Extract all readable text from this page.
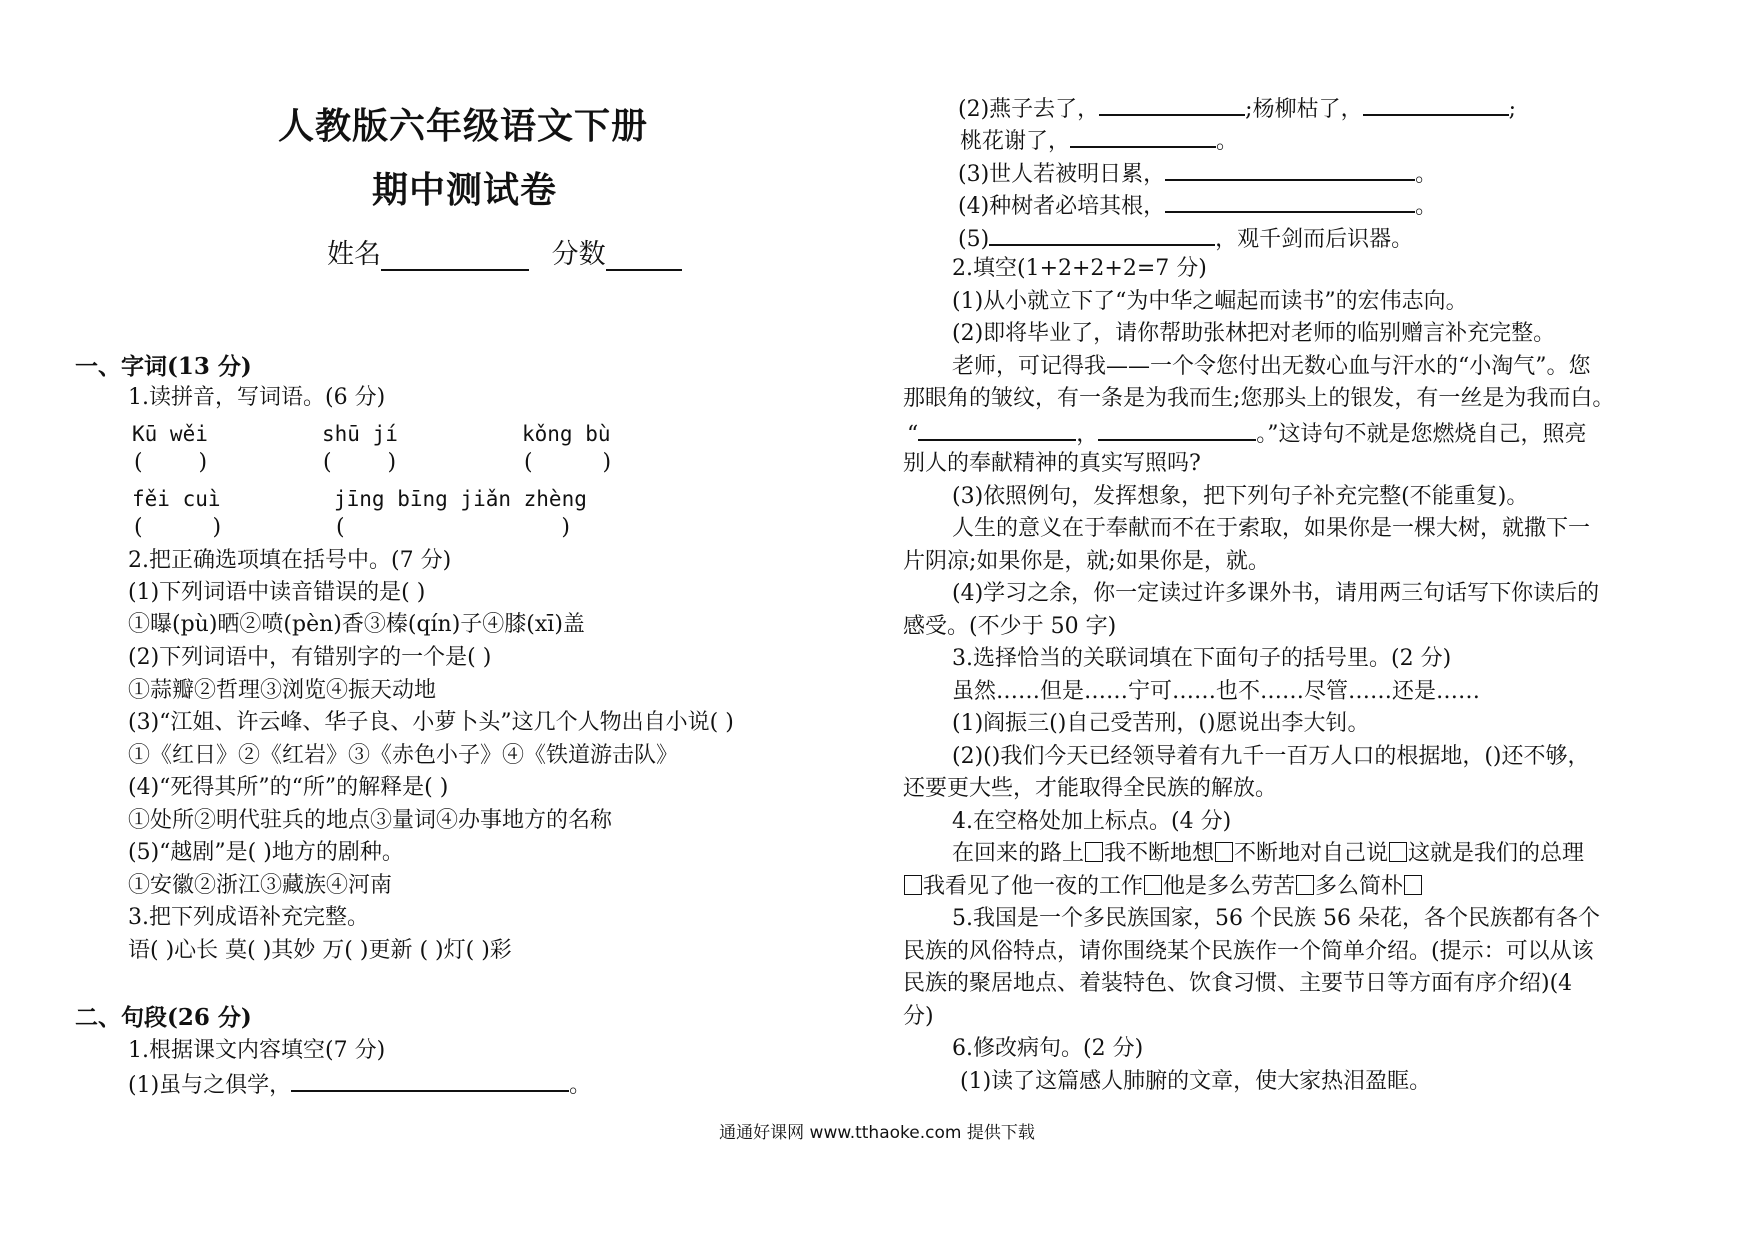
人教版六年级语文下册
期中测试卷
姓名	分数
一、字词(13 分)
1.读拼音，写词语。(6 分)
Kū wěi	shū jí	kǒng bù
(        )	(        )	(          )
fěi cuì	jīng bīng jiǎn zhèng
(          )	(                               )
2.把正确选项填在括号中。(7 分)
(1)下列词语中读音错误的是( )
①曝(pù)晒②喷(pèn)香③榛(qín)子④膝(xī)盖
(2)下列词语中，有错别字的一个是( )
①蒜瓣②哲理③浏览④振天动地
(3)“江姐、许云峰、华子良、小萝卜头”这几个人物出自小说( )
①《红日》②《红岩》③《赤色小子》④《铁道游击队》
(4)“死得其所”的“所”的解释是( )
①处所②明代驻兵的地点③量词④办事地方的名称
(5)“越剧”是( )地方的剧种。
①安徽②浙江③藏族④河南
3.把下列成语补充完整。
语( )心长 莫( )其妙 万( )更新 ( )灯( )彩
二、句段(26 分)
1.根据课文内容填空(7 分)
(1)虽与之俱学，	。
(2)燕子去了，	;杨柳枯了，	;
桃花谢了，	。
(3)世人若被明日累，	。
(4)种树者必培其根，	。
(5)	，观千剑而后识器。
2.填空(1+2+2+2=7 分)
(1)从小就立下了“为中华之崛起而读书”的宏伟志向。
(2)即将毕业了，请你帮助张林把对老师的临别赠言补充完整。
老师，可记得我——一个令您付出无数心血与汗水的“小淘气”。您
那眼角的皱纹，有一条是为我而生;您那头上的银发，有一丝是为我而白。
“	，	。”这诗句不就是您燃烧自己，照亮
别人的奉献精神的真实写照吗?
(3)依照例句，发挥想象，把下列句子补充完整(不能重复)。
人生的意义在于奉献而不在于索取，如果你是一棵大树，就撒下一
片阴凉;如果你是，就;如果你是，就。
(4)学习之余，你一定读过许多课外书，请用两三句话写下你读后的
感受。(不少于 50 字)
3.选择恰当的关联词填在下面句子的括号里。(2 分)
虽然……但是……宁可……也不……尽管……还是……
(1)阎振三()自己受苦刑，()愿说出李大钊。
(2)()我们今天已经领导着有九千一百万人口的根据地，()还不够，
还要更大些，才能取得全民族的解放。
4.在空格处加上标点。(4 分)
在回来的路上 我不断地想 不断地对自己说 这就是我们的总理
我看见了他一夜的工作 他是多么劳苦 多么简朴
5.我国是一个多民族国家，56 个民族 56 朵花，各个民族都有各个
民族的风俗特点，请你围绕某个民族作一个简单介绍。(提示：可以从该
民族的聚居地点、着装特色、饮食习惯、主要节日等方面有序介绍)(4
分)
6.修改病句。(2 分)
(1)读了这篇感人肺腑的文章，使大家热泪盈眶。
通通好课网 www.tthaoke.com 提供下载
